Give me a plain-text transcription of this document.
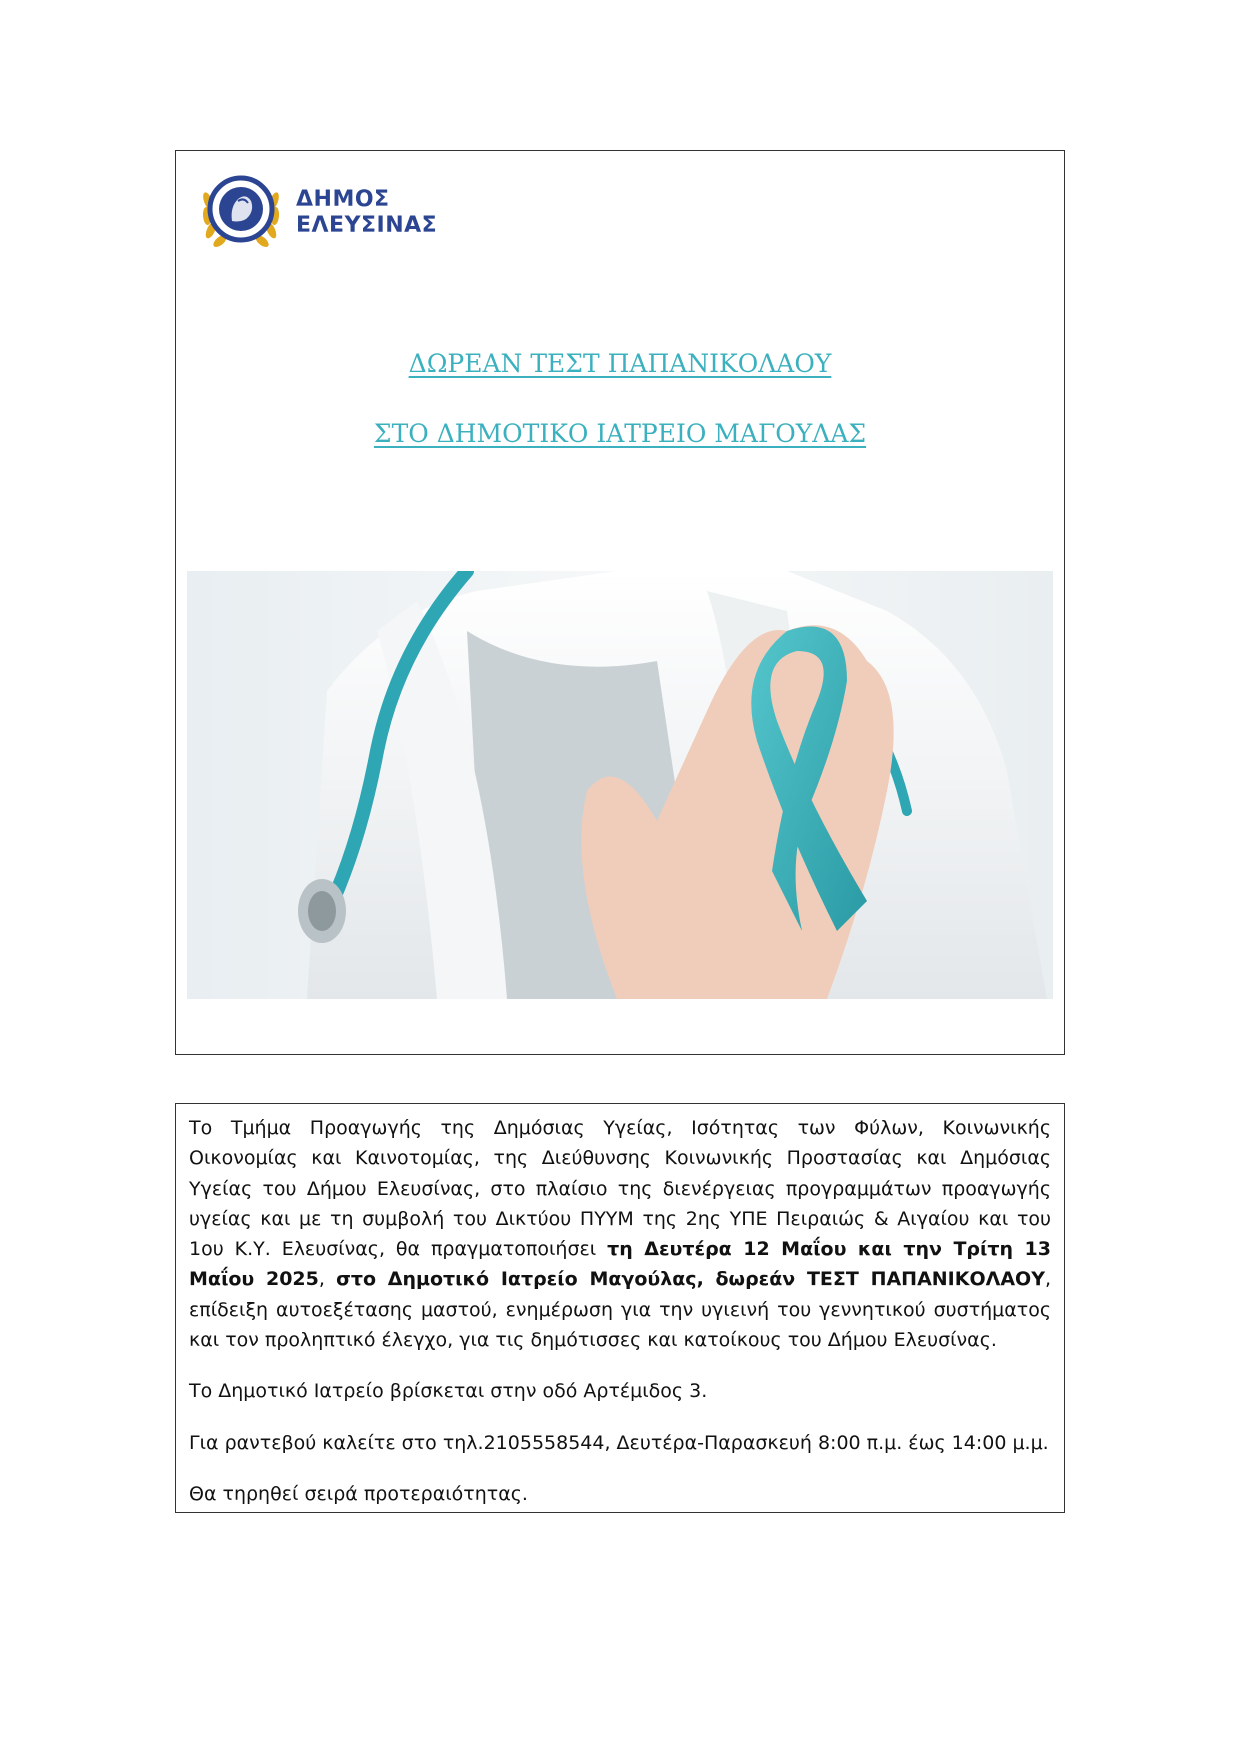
ΔΗΜΟΣ
ΕΛΕΥΣΙΝΑΣ
ΔΩΡΕΑΝ ΤΕΣΤ ΠΑΠΑΝΙΚΟΛΑΟΥ
ΣΤΟ ΔΗΜΟΤΙΚΟ ΙΑΤΡΕΙΟ ΜΑΓΟΥΛΑΣ

Το Τμήμα Προαγωγής της Δημόσιας Υγείας, Ισότητας των Φύλων, Κοινωνικής Οικονομίας και Καινοτομίας, της Διεύθυνσης Κοινωνικής Προστασίας και Δημόσιας Υγείας του Δήμου Ελευσίνας, στο πλαίσιο της διενέργειας προγραμμάτων προαγωγής υγείας και με τη συμβολή του Δικτύου ΠΥΥΜ της 2ης ΥΠΕ Πειραιώς & Αιγαίου και του 1ου Κ.Υ. Ελευσίνας, θα πραγματοποιήσει τη Δευτέρα 12 Μαΐου και την Τρίτη 13 Μαΐου 2025, στο Δημοτικό Ιατρείο Μαγούλας, δωρεάν ΤΕΣΤ ΠΑΠΑΝΙΚΟΛΑΟΥ, επίδειξη αυτοεξέτασης μαστού, ενημέρωση για την υγιεινή του γεννητικού συστήματος και τον προληπτικό έλεγχο, για τις δημότισσες και κατοίκους του Δήμου Ελευσίνας.

Το Δημοτικό Ιατρείο βρίσκεται στην οδό Αρτέμιδος 3.

Για ραντεβού καλείτε στο τηλ.2105558544, Δευτέρα-Παρασκευή 8:00 π.μ. έως 14:00 μ.μ.

Θα τηρηθεί σειρά προτεραιότητας.
